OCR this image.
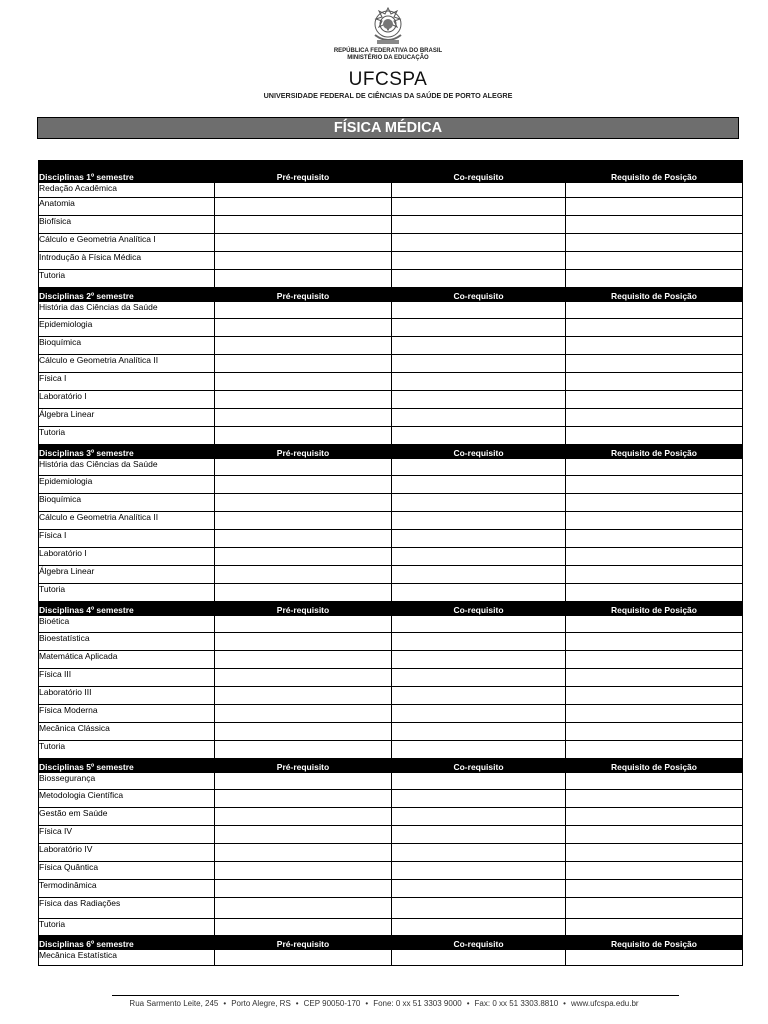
REPÚBLICA FEDERATIVA DO BRASIL
MINISTÉRIO DA EDUCAÇÃO
UFCSPA
UNIVERSIDADE FEDERAL DE CIÊNCIAS DA SAÚDE DE PORTO ALEGRE
FÍSICA MÉDICA
Disciplinas 1º semestre	Pré-requisito	Co-requisito	Requisito de Posição
Redação Acadêmica			
Anatomia			
Biofísica			
Cálculo e Geometria Analítica I			
Introdução à Física Médica			
Tutoria			
Disciplinas 2º semestre	Pré-requisito	Co-requisito	Requisito de Posição
História das Ciências da Saúde			
Epidemiologia			
Bioquímica			
Cálculo e Geometria Analítica II			
Física I			
Laboratório I			
Álgebra Linear			
Tutoria			
Disciplinas 3º semestre	Pré-requisito	Co-requisito	Requisito de Posição
História das Ciências da Saúde			
Epidemiologia			
Bioquímica			
Cálculo e Geometria Analítica II			
Física I			
Laboratório I			
Álgebra Linear			
Tutoria			
Disciplinas 4º semestre	Pré-requisito	Co-requisito	Requisito de Posição
Bioética			
Bioestatística			
Matemática Aplicada			
Física III			
Laboratório III			
Física Moderna			
Mecânica Clássica			
Tutoria			
Disciplinas 5º semestre	Pré-requisito	Co-requisito	Requisito de Posição
Biossegurança			
Metodologia Científica			
Gestão em Saúde			
Física IV			
Laboratório IV			
Física Quântica			
Termodinâmica			
Física das Radiações			
Tutoria			
Disciplinas 6º semestre	Pré-requisito	Co-requisito	Requisito de Posição
Mecânica Estatística			
Rua Sarmento Leite, 245 • Porto Alegre, RS • CEP 90050-170 • Fone: 0 xx 51 3303 9000 • Fax: 0 xx 51 3303.8810 • www.ufcspa.edu.br
